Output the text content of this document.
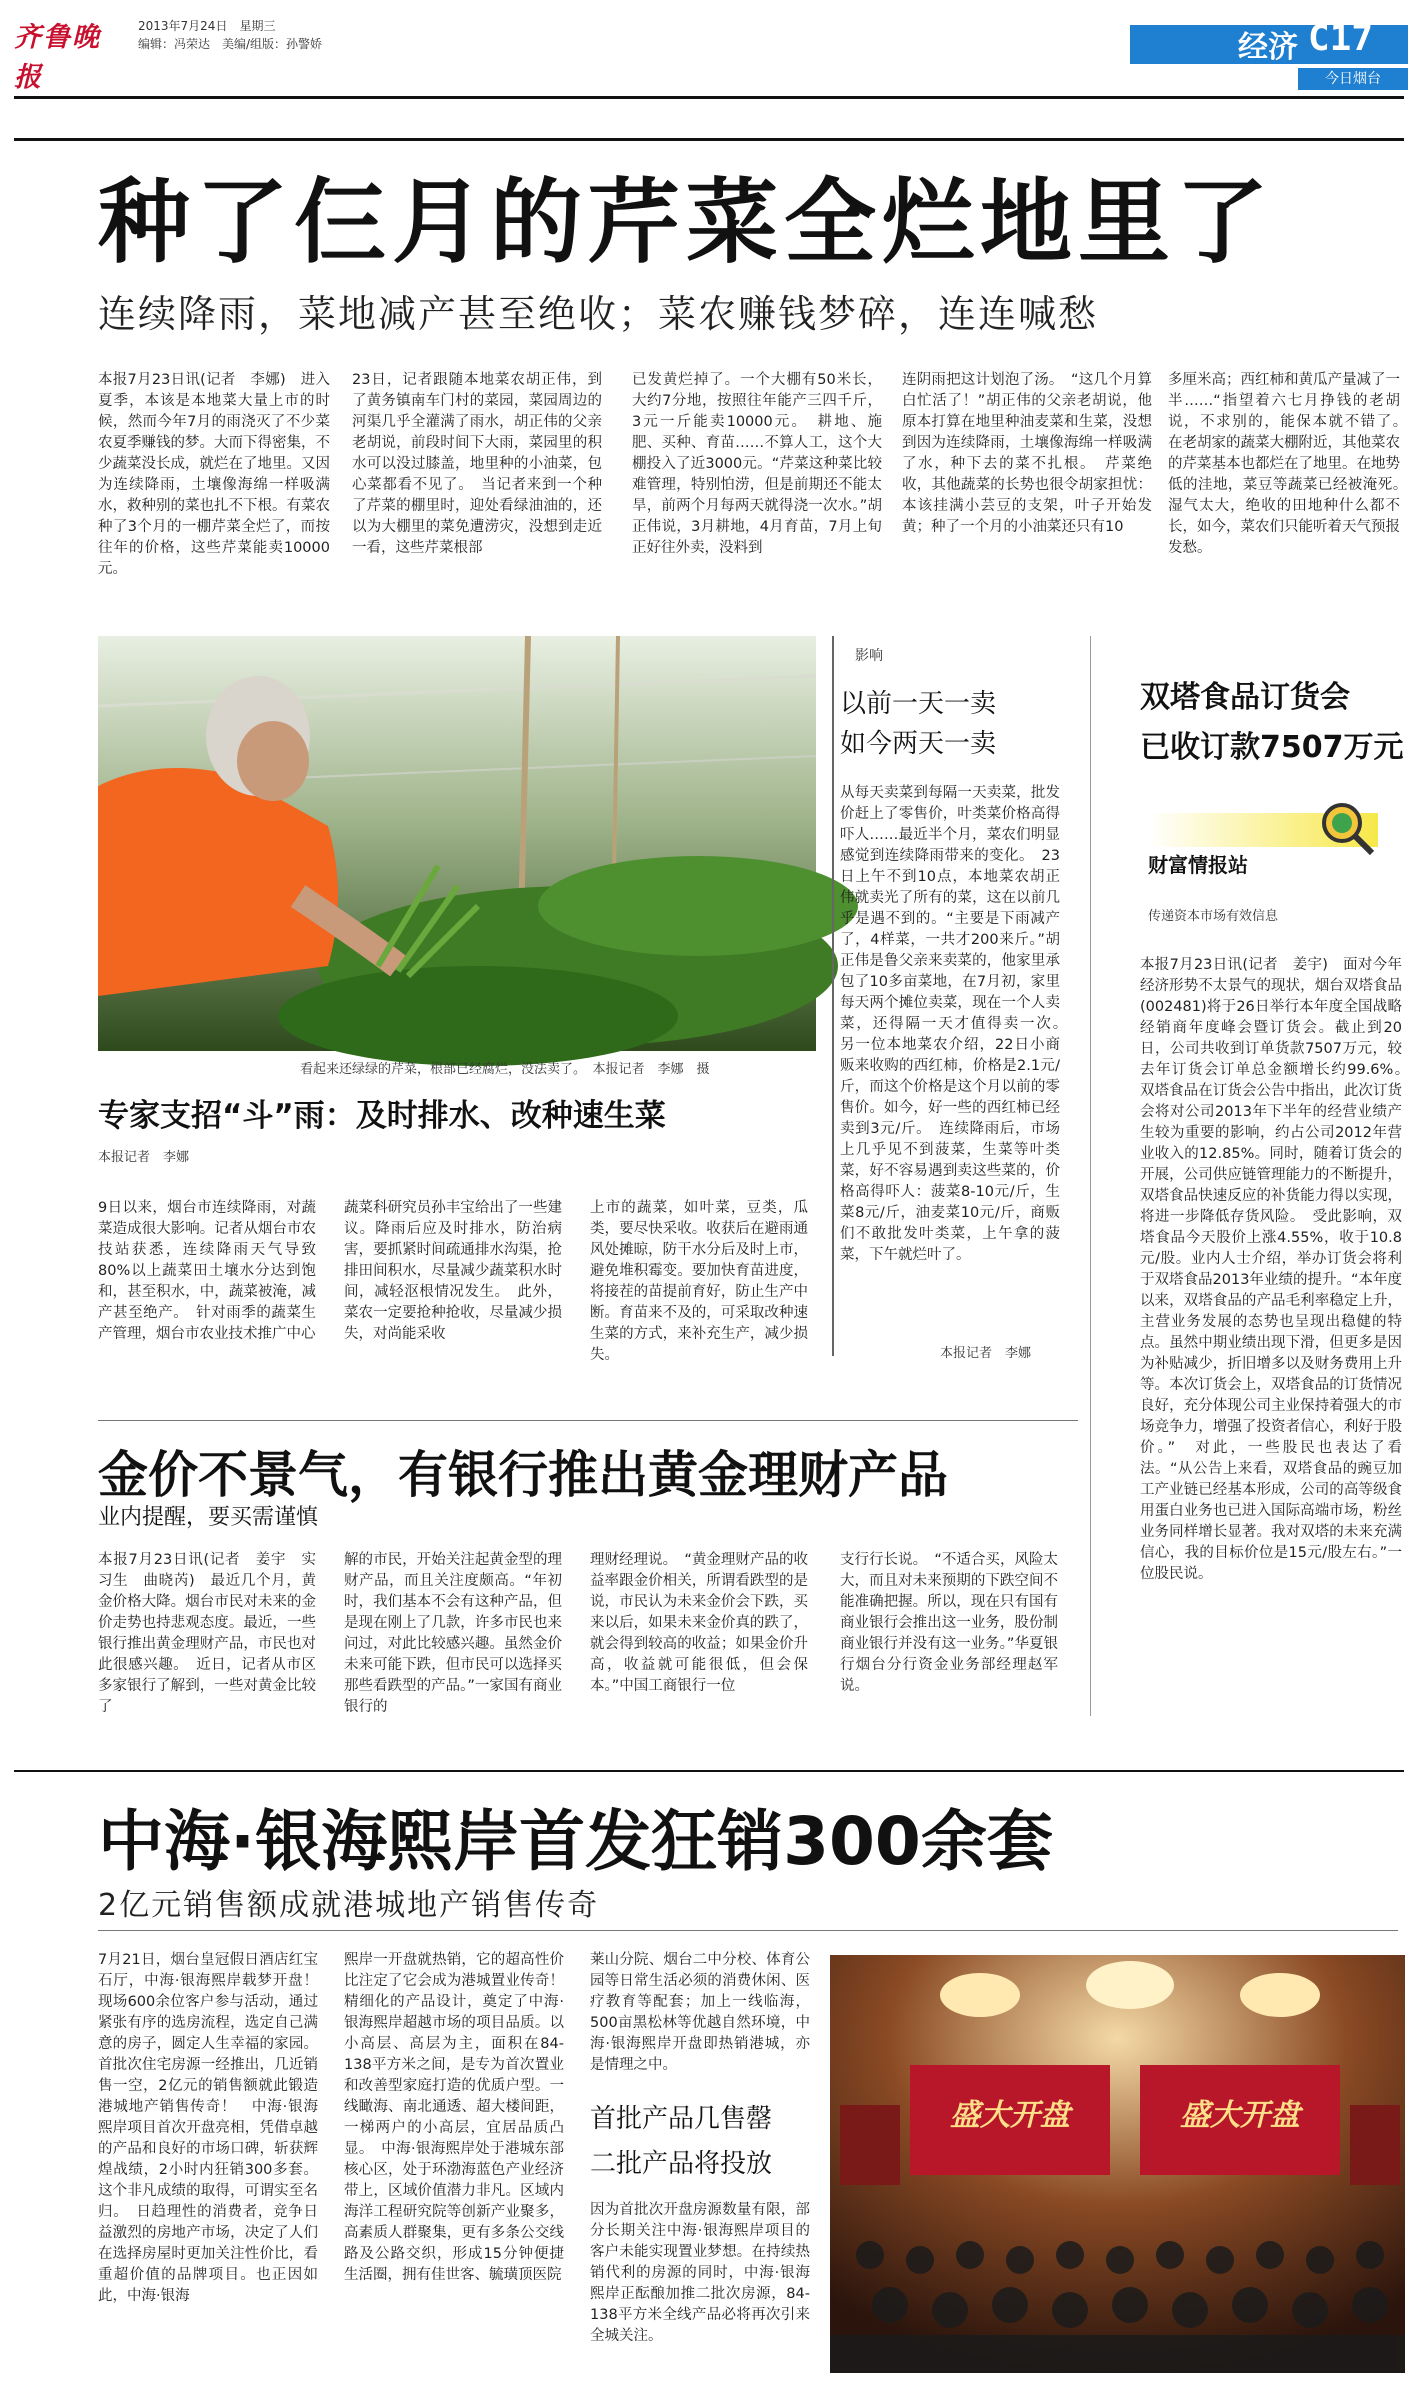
齐鲁晚报
2013年7月24日　星期三
编辑：冯荣达　美编/组版：孙警娇	经济 C17
今日烟台
种了仨月的芹菜全烂地里了
连续降雨，菜地减产甚至绝收；菜农赚钱梦碎，连连喊愁
本报7月23日讯(记者　李娜)　进入夏季，本该是本地菜大量上市的时候，然而今年7月的雨浇灭了不少菜农夏季赚钱的梦。大而下得密集，不少蔬菜没长成，就烂在了地里。又因为连续降雨，土壤像海绵一样吸满水，救种别的菜也扎不下根。有菜农种了3个月的一棚芹菜全烂了，而按往年的价格，这些芹菜能卖10000元。
23日，记者跟随本地菜农胡正伟，到了黄务镇南车门村的菜园，菜园周边的河渠几乎全灌满了雨水，胡正伟的父亲老胡说，前段时间下大雨，菜园里的积水可以没过膝盖，地里种的小油菜，包心菜都看不见了。　当记者来到一个种了芹菜的棚里时，迎处看绿油油的，还以为大棚里的菜免遭涝灾，没想到走近一看，这些芹菜根部
已发黄烂掉了。一个大棚有50米长，大约7分地，按照往年能产三四千斤，3元一斤能卖10000元。　耕地、施肥、买种、育苗……不算人工，这个大棚投入了近3000元。“芹菜这种菜比较难管理，特别怕涝，但是前期还不能太旱，前两个月每两天就得浇一次水。”胡正伟说，3月耕地，4月育苗，7月上旬正好往外卖，没料到
连阴雨把这计划泡了汤。　“这几个月算白忙活了！”胡正伟的父亲老胡说，他原本打算在地里种油麦菜和生菜，没想到因为连续降雨，土壤像海绵一样吸满了水，种下去的菜不扎根。　芹菜绝收，其他蔬菜的长势也很令胡家担忧：本该挂满小芸豆的支架，叶子开始发黄；种了一个月的小油菜还只有10
多厘米高；西红柿和黄瓜产量减了一半……“指望着六七月挣钱的老胡说，不求别的，能保本就不错了。　在老胡家的蔬菜大棚附近，其他菜农的芹菜基本也都烂在了地里。在地势低的洼地，菜豆等蔬菜已经被淹死。　湿气太大，绝收的田地种什么都不长，如今，菜农们只能听着天气预报发愁。
看起来还绿绿的芹菜，根部已经腐烂，没法卖了。　本报记者　李娜　摄
专家支招“斗”雨：及时排水、改种速生菜
本报记者　李娜
9日以来，烟台市连续降雨，对蔬菜造成很大影响。记者从烟台市农技站获悉，连续降雨天气导致80%以上蔬菜田土壤水分达到饱和，甚至积水，中，蔬菜被淹，减产甚至绝产。　针对雨季的蔬菜生产管理，烟台市农业技术推广中心
蔬菜科研究员孙丰宝给出了一些建议。降雨后应及时排水，防治病害，要抓紧时间疏通排水沟渠，抢排田间积水，尽量减少蔬菜积水时间，减轻沤根情况发生。　此外，菜农一定要抢种抢收，尽量减少损失，对尚能采收
上市的蔬菜，如叶菜，豆类，瓜类，要尽快采收。收获后在避雨通风处摊晾，防干水分后及时上市，避免堆积霉变。要加快育苗进度，将接茬的苗提前育好，防止生产中断。育苗来不及的，可采取改种速生菜的方式，来补充生产，减少损失。
影响
以前一天一卖
如今两天一卖
从每天卖菜到每隔一天卖菜，批发价赶上了零售价，叶类菜价格高得吓人……最近半个月，菜农们明显感觉到连续降雨带来的变化。　23日上午不到10点，本地菜农胡正伟就卖光了所有的菜，这在以前几乎是遇不到的。“主要是下雨减产了，4样菜，一共才200来斤。”胡正伟是鲁父亲来卖菜的，他家里承包了10多亩菜地，在7月初，家里每天两个摊位卖菜，现在一个人卖菜，还得隔一天才值得卖一次。　另一位本地菜农介绍，22日小商贩来收购的西红柿，价格是2.1元/斤，而这个价格是这个月以前的零售价。如今，好一些的西红柿已经卖到3元/斤。　连续降雨后，市场上几乎见不到菠菜，生菜等叶类菜，好不容易遇到卖这些菜的，价格高得吓人：菠菜8-10元/斤，生菜8元/斤，油麦菜10元/斤，商贩们不敢批发叶类菜，上午拿的菠菜，下午就烂叶了。
本报记者　李娜
双塔食品订货会
已收订款7507万元
财富情报站
传递资本市场有效信息
本报7月23日讯(记者　姜宇)　面对今年经济形势不太景气的现状，烟台双塔食品(002481)将于26日举行本年度全国战略经销商年度峰会暨订货会。截止到20日，公司共收到订单货款7507万元，较去年订货会订单总金额增长约99.6%。　双塔食品在订货会公告中指出，此次订货会将对公司2013年下半年的经营业绩产生较为重要的影响，约占公司2012年营业收入的12.85%。同时，随着订货会的开展，公司供应链管理能力的不断提升，双塔食品快速反应的补货能力得以实现，将进一步降低存货风险。　受此影响，双塔食品今天股价上涨4.55%，收于10.8元/股。业内人士介绍，举办订货会将利于双塔食品2013年业绩的提升。“本年度以来，双塔食品的产品毛利率稳定上升，主营业务发展的态势也呈现出稳健的特点。虽然中期业绩出现下滑，但更多是因为补贴减少，折旧增多以及财务费用上升等。本次订货会上，双塔食品的订货情况良好，充分体现公司主业保持着强大的市场竞争力，增强了投资者信心，利好于股价。”　对此，一些股民也表达了看法。“从公告上来看，双塔食品的豌豆加工产业链已经基本形成，公司的高等级食用蛋白业务也已进入国际高端市场，粉丝业务同样增长显著。我对双塔的未来充满信心，我的目标价位是15元/股左右。”一位股民说。
金价不景气，有银行推出黄金理财产品
业内提醒，要买需谨慎
本报7月23日讯(记者　姜宇　实习生　曲晓芮)　最近几个月，黄金价格大降。烟台市民对未来的金价走势也持悲观态度。最近，一些银行推出黄金理财产品，市民也对此很感兴趣。　近日，记者从市区多家银行了解到，一些对黄金比较了
解的市民，开始关注起黄金型的理财产品，而且关注度颇高。“年初时，我们基本不会有这种产品，但是现在刚上了几款，许多市民也来问过，对此比较感兴趣。虽然金价未来可能下跌，但市民可以选择买那些看跌型的产品。”一家国有商业银行的
理财经理说。　“黄金理财产品的收益率跟金价相关，所谓看跌型的是说，市民认为未来金价会下跌，买来以后，如果未来金价真的跌了，就会得到较高的收益；如果金价升高，收益就可能很低，但会保本。”中国工商银行一位
支行行长说。　“不适合买，风险太大，而且对未来预期的下跌空间不能准确把握。所以，现在只有国有商业银行会推出这一业务，股份制商业银行并没有这一业务。”华夏银行烟台分行资金业务部经理赵军说。
中海·银海熙岸首发狂销300余套
2亿元销售额成就港城地产销售传奇
7月21日，烟台皇冠假日酒店红宝石厅，中海·银海熙岸载梦开盘！现场600余位客户参与活动，通过紧张有序的选房流程，选定自己满意的房子，圆定人生幸福的家园。首批次住宅房源一经推出，几近销售一空，2亿元的销售额就此锻造港城地产销售传奇！　中海·银海熙岸项目首次开盘亮相，凭借卓越的产品和良好的市场口碑，斩获辉煌战绩，2小时内狂销300多套。这个非凡成绩的取得，可谓实至名归。　日趋理性的消费者，竞争日益激烈的房地产市场，决定了人们在选择房屋时更加关注性价比，看重超价值的品牌项目。也正因如此，中海·银海
熙岸一开盘就热销，它的超高性价比注定了它会成为港城置业传奇！　精细化的产品设计，奠定了中海·银海熙岸超越市场的项目品质。以小高层、高层为主，面积在84-138平方米之间，是专为首次置业和改善型家庭打造的优质户型。一线瞰海、南北通透、超大楼间距，一梯两户的小高层，宜居品质凸显。　中海·银海熙岸处于港城东部核心区，处于环渤海蓝色产业经济带上，区域价值潜力非凡。区域内海洋工程研究院等创新产业聚多，高素质人群聚集，更有多条公交线路及公路交织，形成15分钟便捷生活圈，拥有佳世客、毓璜顶医院
莱山分院、烟台二中分校、体育公园等日常生活必须的消费休闲、医疗教育等配套；加上一线临海，500亩黑松林等优越自然环境，中海·银海熙岸开盘即热销港城，亦是情理之中。
首批产品几售罄
二批产品将投放
因为首批次开盘房源数量有限，部分长期关注中海·银海熙岸项目的客户未能实现置业梦想。在持续热销代利的房源的同时，中海·银海熙岸正酝酿加推二批次房源，84-138平方米全线产品必将再次引来全城关注。
盛大开盘	盛大开盘
